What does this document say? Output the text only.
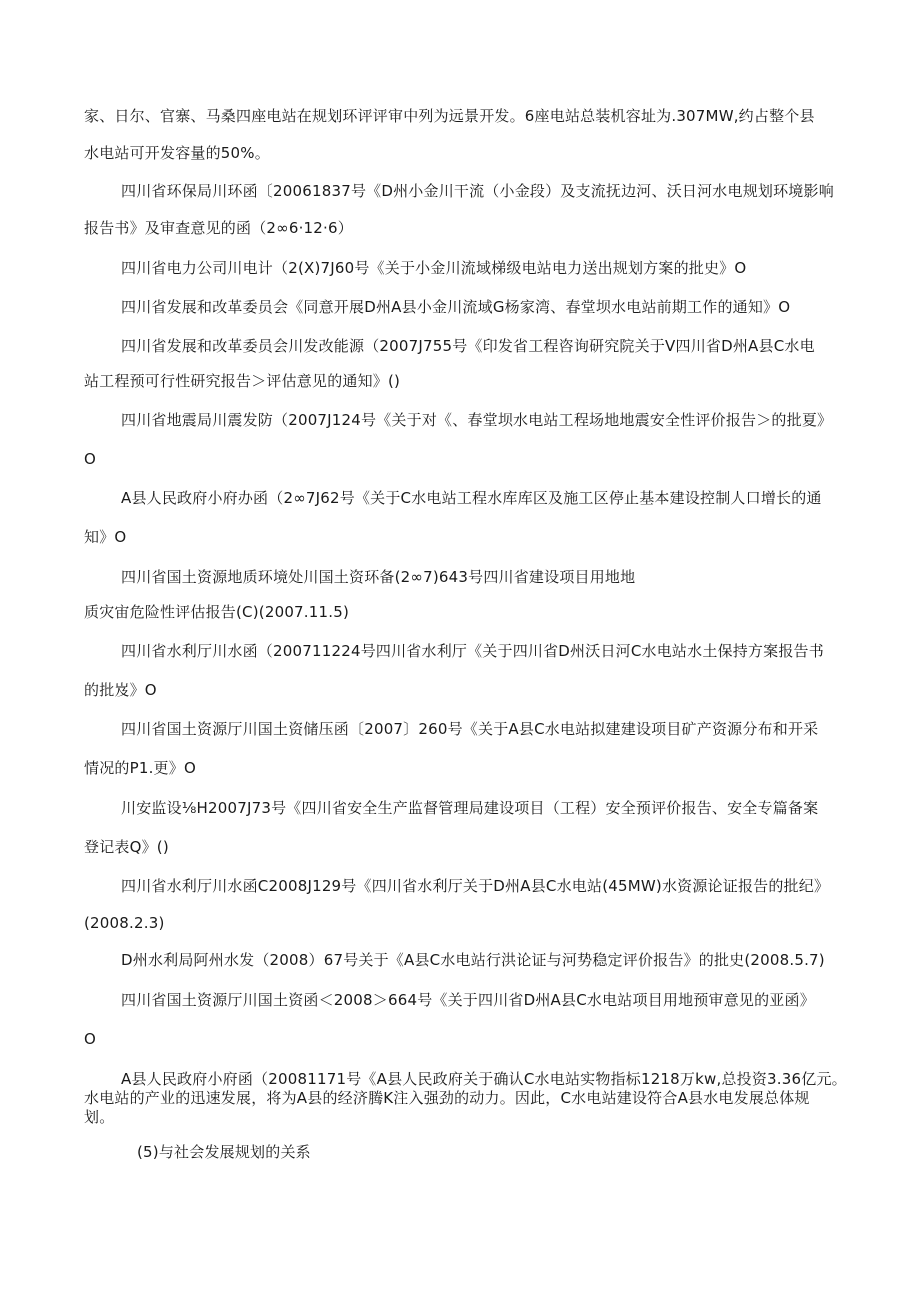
家、日尔、官寨、马桑四座电站在规划环评评审中列为远景开发。6座电站总装机容址为.307MW,约占整个县
水电站可开发容量的50%。
四川省环保局川环函〔20061837号《D州小金川干流（小金段）及支流抚边河、沃日河水电规划环境影响
报告书》及审查意见的函（2∞6·12·6）
四川省电力公司川电计（2(X)7J60号《关于小金川流域梯级电站电力送出规划方案的批史》O
四川省发展和改革委员会《同意开展D州A县小金川流域G杨家湾、春堂坝水电站前期工作的通知》O
四川省发展和改革委员会川发改能源（2007J755号《印发省工程咨询研究院关于V四川省D州A县C水电
站工程预可行性研究报告＞评估意见的通知》()
四川省地震局川震发防（2007J124号《关于对《、春堂坝水电站工程场地地震安全性评价报告＞的批夏》
O
A县人民政府小府办函（2∞7J62号《关于C水电站工程水库库区及施工区停止基本建设控制人口增长的通
知》O
四川省国土资源地质环境处川国土资环备(2∞7)643号四川省建设项目用地地
质灾宙危险性评估报告(C)(2007.11.5)
四川省水利厅川水函（200711224号四川省水利厅《关于四川省D州沃日河C水电站水土保持方案报告书
的批岌》O
四川省国土资源厅川国土资储压函〔2007〕260号《关于A县C水电站拟建建设项目矿产资源分布和开采
情况的P1.更》O
川安监设⅛H2007J73号《四川省安全生产监督管理局建设项目（工程）安全预评价报告、安全专篇备案
登记表Q》()
四川省水利厅川水函C2008J129号《四川省水利厅关于D州A县C水电站(45MW)水资源论证报告的批纪》
(2008.2.3)
D州水利局阿州水发（2008）67号关于《A县C水电站行洪论证与河势稳定评价报告》的批史(2008.5.7)
四川省国土资源厅川国土资函＜2008＞664号《关于四川省D州A县C水电站项目用地预审意见的亚函》
O
A县人民政府小府函（20081171号《A县人民政府关于确认C水电站实物指标1218万kw,总投资3.36亿元。
水电站的产业的迅速发展，将为A县的经济腾K注入强劲的动力。因此，C水电站建设符合A县水电发展总体规
划。
(5)与社会发展规划的关系
